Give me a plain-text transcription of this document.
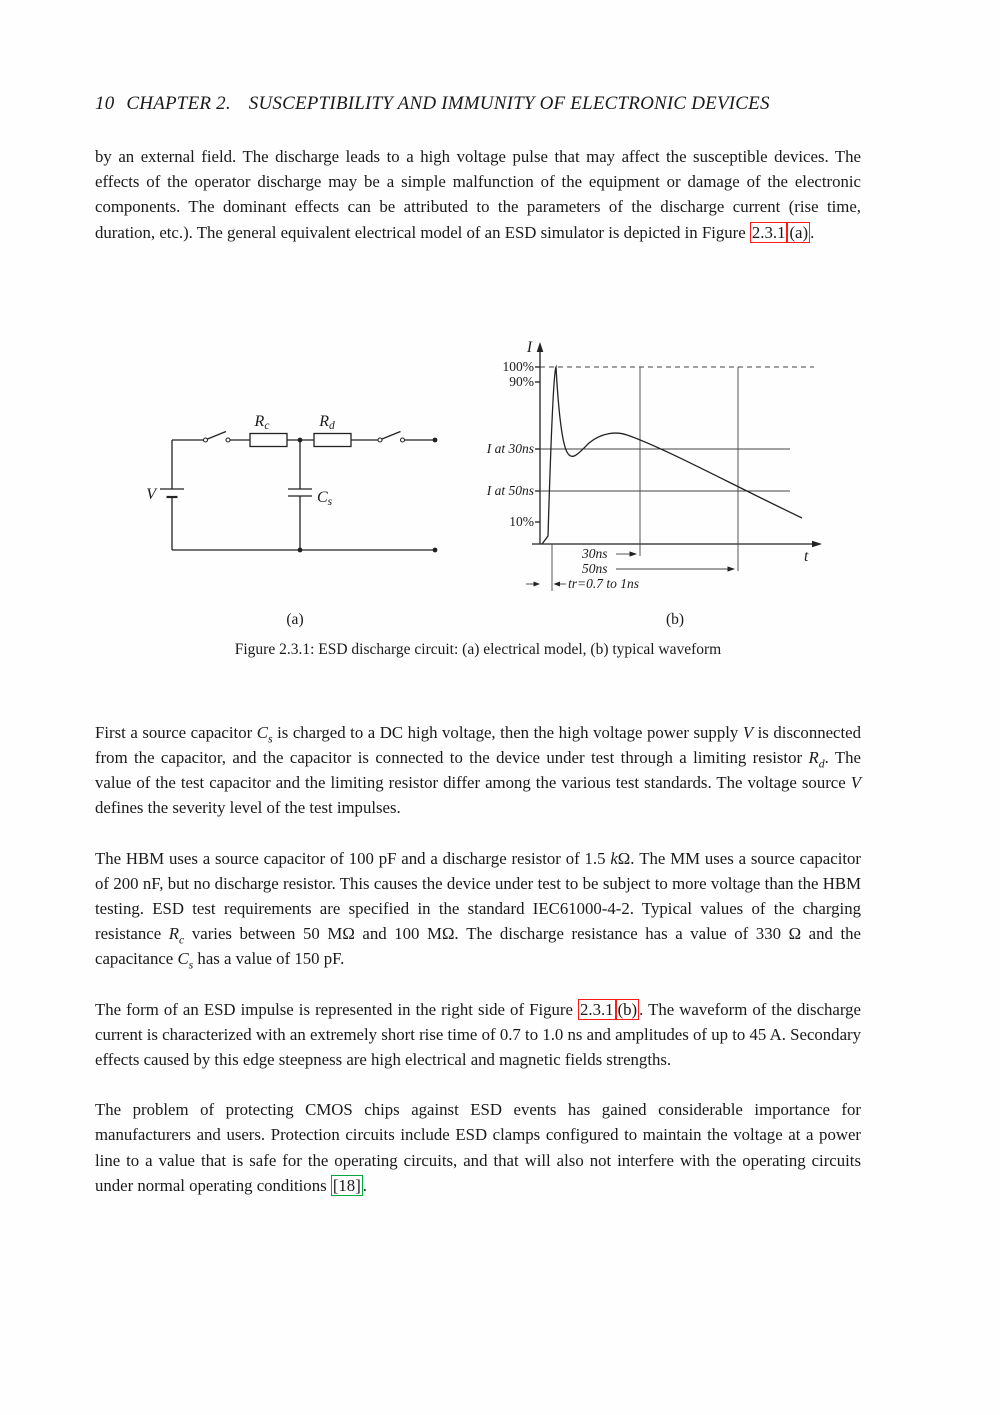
10 CHAPTER 2. SUSCEPTIBILITY AND IMMUNITY OF ELECTRONIC DEVICES

by an external field. The discharge leads to a high voltage pulse that may affect the susceptible devices. The effects of the operator discharge may be a simple malfunction of the equipment or damage of the electronic components. The dominant effects can be attributed to the parameters of the discharge current (rise time, duration, etc.). The general equivalent electrical model of an ESD simulator is depicted in Figure 2.3.1 (a) .

V
Rc	Rd
Cs
I
t
100%
90%
I at 30ns
I at 50ns
10%
tr=0.7 to 1ns
30ns
50ns
(a)	(b)
Figure 2.3.1: ESD discharge circuit: (a) electrical model, (b) typical waveform

First a source capacitor $C_s$ is charged to a DC high voltage, then the high voltage power supply V is disconnected from the capacitor, and the capacitor is connected to the device under test through a limiting resistor $R_d$. The value of the test capacitor and the limiting resistor differ among the various test standards. The voltage source V defines the severity level of the test impulses.

The HBM uses a source capacitor of 100 pF and a discharge resistor of 1.5 kΩ. The MM uses a source capacitor of 200 nF, but no discharge resistor. This causes the device under test to be subject to more voltage than the HBM testing. ESD test requirements are specified in the standard IEC61000-4-2. Typical values of the charging resistance $R_c$ varies between 50 MΩ and 100 MΩ. The discharge resistance has a value of 330 Ω and the capacitance $C_s$ has a value of 150 pF.

The form of an ESD impulse is represented in the right side of Figure 2.3.1 (b) . The waveform of the discharge current is characterized with an extremely short rise time of 0.7 to 1.0 ns and amplitudes of up to 45 A. Secondary effects caused by this edge steepness are high electrical and magnetic fields strengths.

The problem of protecting CMOS chips against ESD events has gained considerable importance for manufacturers and users. Protection circuits include ESD clamps configured to maintain the voltage at a power line to a value that is safe for the operating circuits, and that will also not interfere with the operating circuits under normal operating conditions [18] .
